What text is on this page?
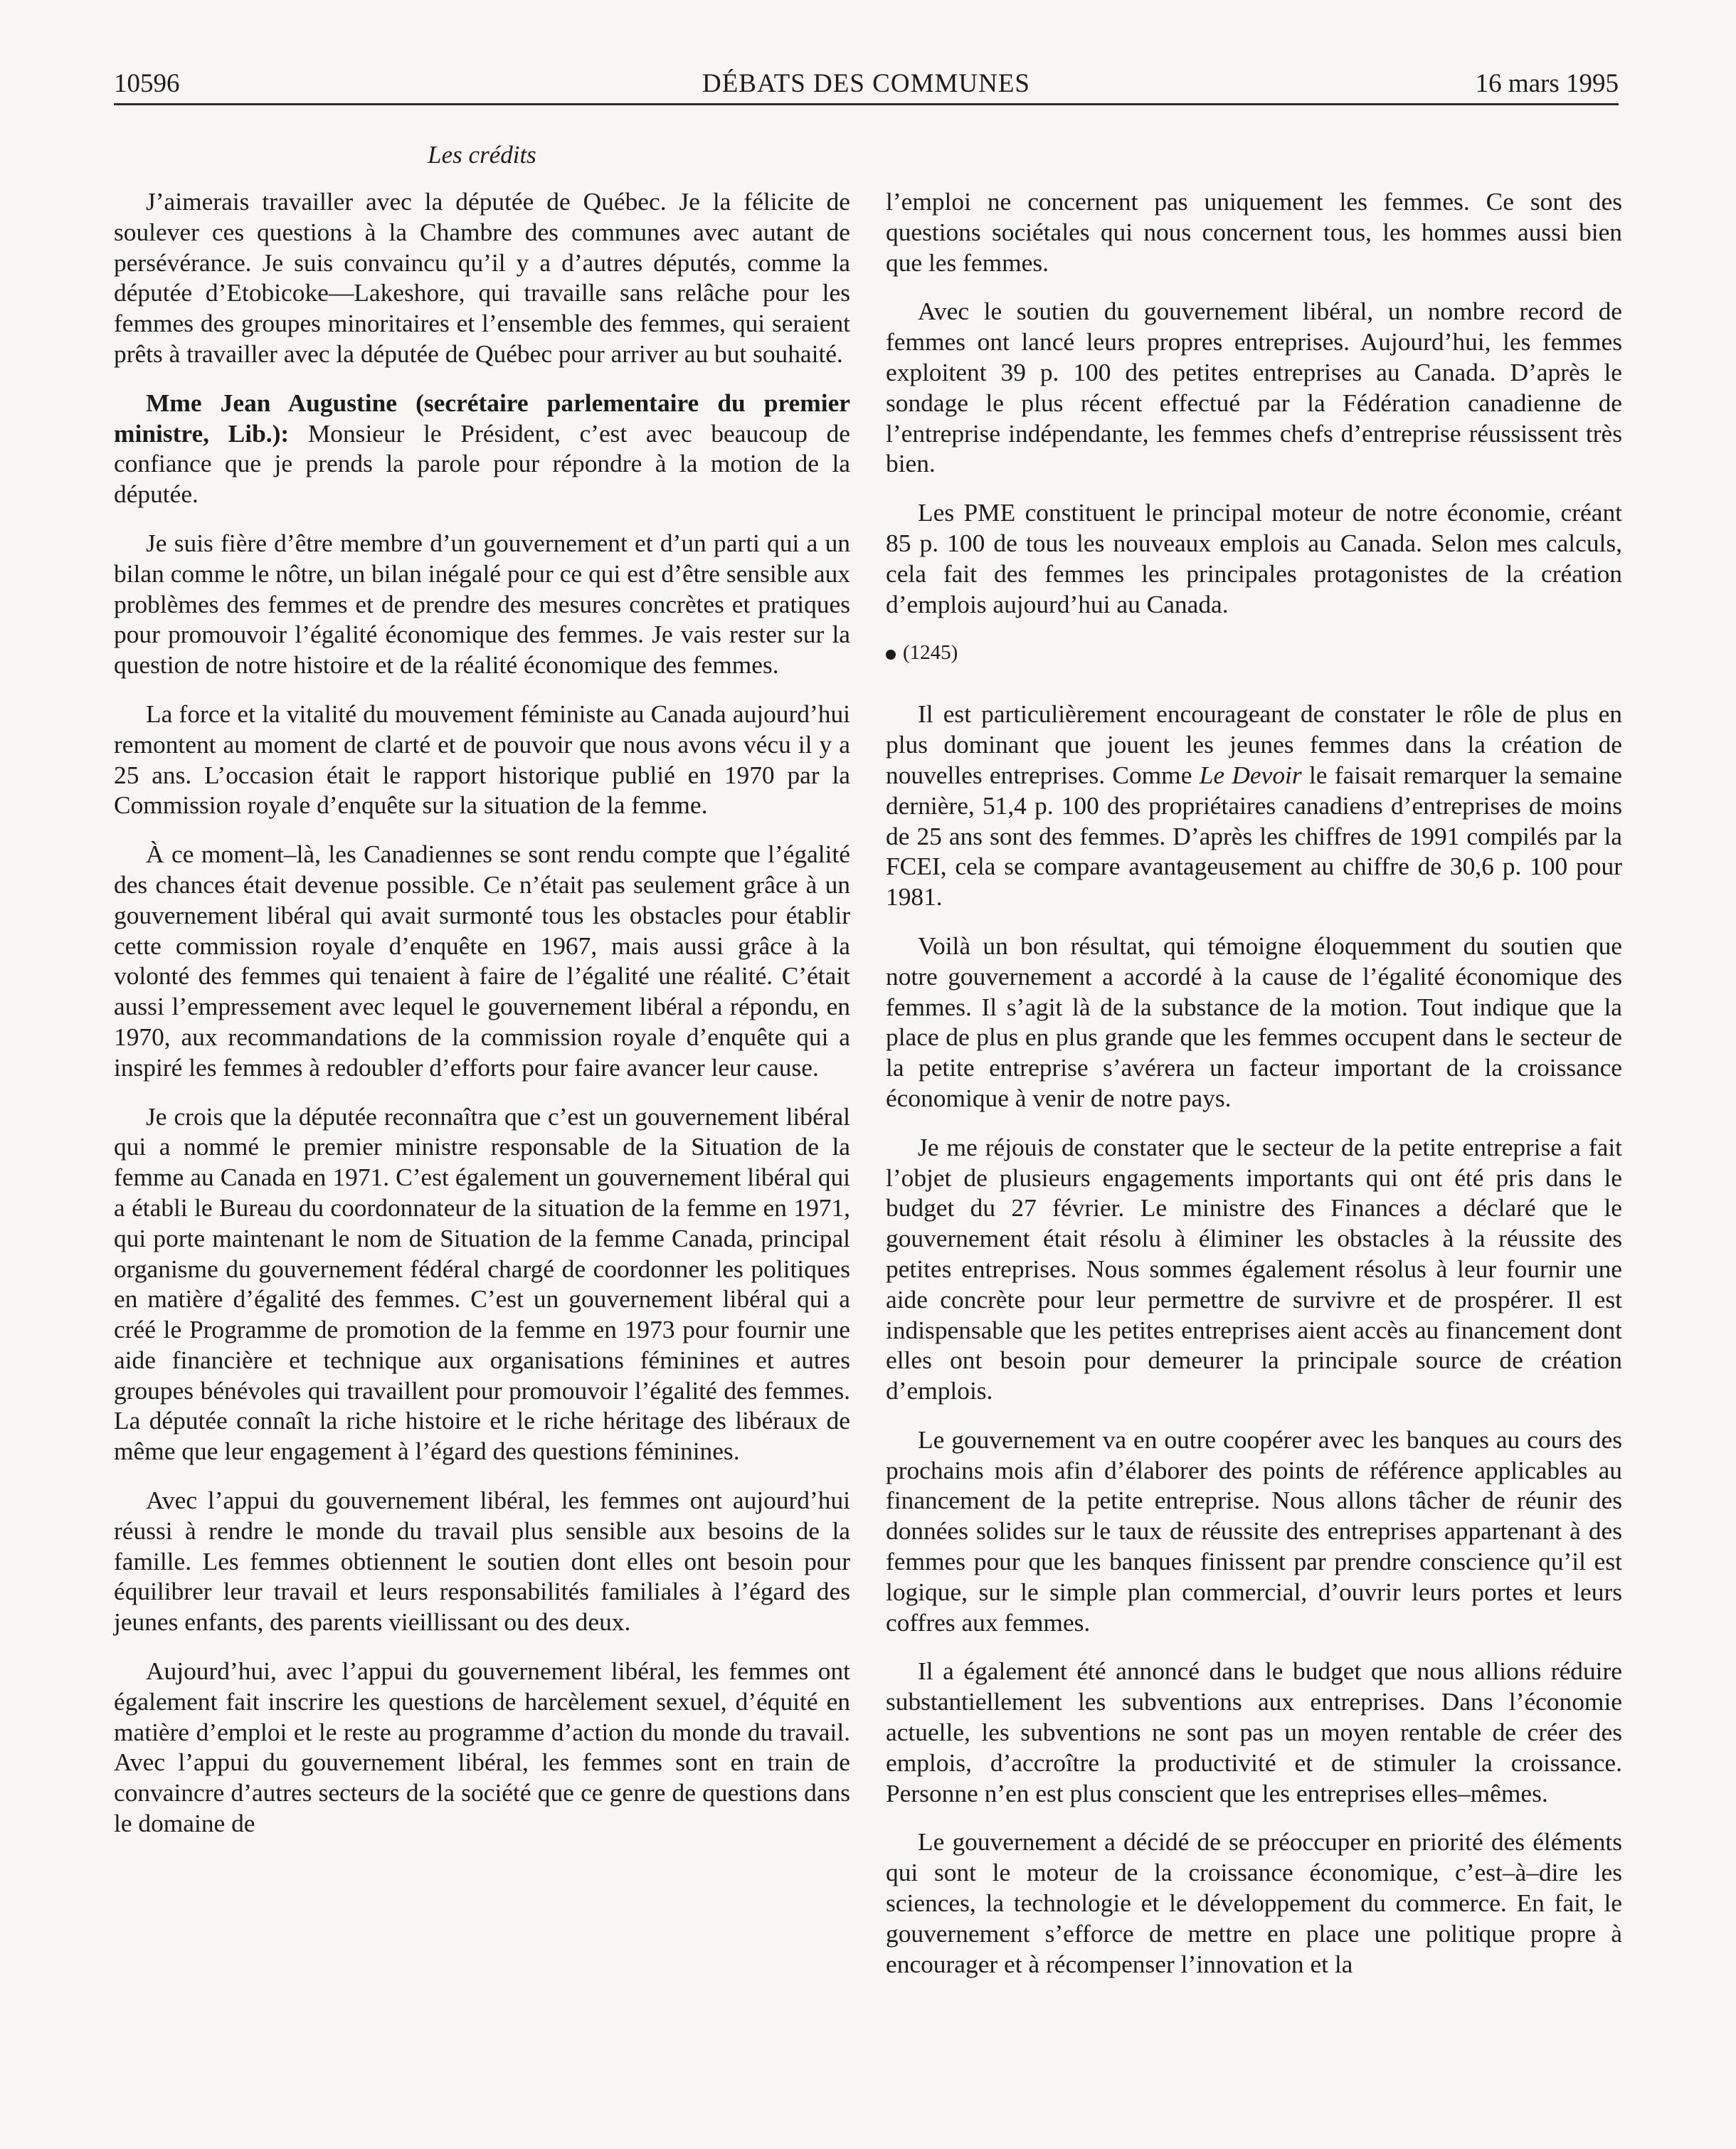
10596	DÉBATS DES COMMUNES	16 mars 1995
Les crédits

J’aimerais travailler avec la députée de Québec. Je la félicite de soulever ces questions à la Chambre des communes avec autant de persévérance. Je suis convaincu qu’il y a d’autres députés, comme la députée d’Etobicoke—Lakeshore, qui travaille sans relâche pour les femmes des groupes minoritaires et l’ensemble des femmes, qui seraient prêts à travailler avec la députée de Québec pour arriver au but souhaité.

Mme Jean Augustine (secrétaire parlementaire du premier ministre, Lib.): Monsieur le Président, c’est avec beaucoup de confiance que je prends la parole pour répondre à la motion de la députée.

Je suis fière d’être membre d’un gouvernement et d’un parti qui a un bilan comme le nôtre, un bilan inégalé pour ce qui est d’être sensible aux problèmes des femmes et de prendre des mesures concrètes et pratiques pour promouvoir l’égalité économique des femmes. Je vais rester sur la question de notre histoire et de la réalité économique des femmes.

La force et la vitalité du mouvement féministe au Canada aujourd’hui remontent au moment de clarté et de pouvoir que nous avons vécu il y a 25 ans. L’occasion était le rapport historique publié en 1970 par la Commission royale d’enquête sur la situation de la femme.

À ce moment–là, les Canadiennes se sont rendu compte que l’égalité des chances était devenue possible. Ce n’était pas seulement grâce à un gouvernement libéral qui avait surmonté tous les obstacles pour établir cette commission royale d’enquête en 1967, mais aussi grâce à la volonté des femmes qui tenaient à faire de l’égalité une réalité. C’était aussi l’empressement avec lequel le gouvernement libéral a répondu, en 1970, aux recommandations de la commission royale d’enquête qui a inspiré les femmes à redoubler d’efforts pour faire avancer leur cause.

Je crois que la députée reconnaîtra que c’est un gouvernement libéral qui a nommé le premier ministre responsable de la Situation de la femme au Canada en 1971. C’est également un gouvernement libéral qui a établi le Bureau du coordonnateur de la situation de la femme en 1971, qui porte maintenant le nom de Situation de la femme Canada, principal organisme du gouvernement fédéral chargé de coordonner les politiques en matière d’égalité des femmes. C’est un gouvernement libéral qui a créé le Programme de promotion de la femme en 1973 pour fournir une aide financière et technique aux organisations féminines et autres groupes bénévoles qui travaillent pour promouvoir l’égalité des femmes. La députée connaît la riche histoire et le riche héritage des libéraux de même que leur engagement à l’égard des questions féminines.

Avec l’appui du gouvernement libéral, les femmes ont aujourd’hui réussi à rendre le monde du travail plus sensible aux besoins de la famille. Les femmes obtiennent le soutien dont elles ont besoin pour équilibrer leur travail et leurs responsabilités familiales à l’égard des jeunes enfants, des parents vieillissant ou des deux.

Aujourd’hui, avec l’appui du gouvernement libéral, les femmes ont également fait inscrire les questions de harcèlement sexuel, d’équité en matière d’emploi et le reste au programme d’action du monde du travail. Avec l’appui du gouvernement libéral, les femmes sont en train de convaincre d’autres secteurs de la société que ce genre de questions dans le domaine de

l’emploi ne concernent pas uniquement les femmes. Ce sont des questions sociétales qui nous concernent tous, les hommes aussi bien que les femmes.

Avec le soutien du gouvernement libéral, un nombre record de femmes ont lancé leurs propres entreprises. Aujourd’hui, les femmes exploitent 39 p. 100 des petites entreprises au Canada. D’après le sondage le plus récent effectué par la Fédération canadienne de l’entreprise indépendante, les femmes chefs d’entreprise réussissent très bien.

Les PME constituent le principal moteur de notre économie, créant 85 p. 100 de tous les nouveaux emplois au Canada. Selon mes calculs, cela fait des femmes les principales protagonistes de la création d’emplois aujourd’hui au Canada.

(1245)

Il est particulièrement encourageant de constater le rôle de plus en plus dominant que jouent les jeunes femmes dans la création de nouvelles entreprises. Comme Le Devoir le faisait remarquer la semaine dernière, 51,4 p. 100 des propriétaires canadiens d’entreprises de moins de 25 ans sont des femmes. D’après les chiffres de 1991 compilés par la FCEI, cela se compare avantageusement au chiffre de 30,6 p. 100 pour 1981.

Voilà un bon résultat, qui témoigne éloquemment du soutien que notre gouvernement a accordé à la cause de l’égalité économique des femmes. Il s’agit là de la substance de la motion. Tout indique que la place de plus en plus grande que les femmes occupent dans le secteur de la petite entreprise s’avérera un facteur important de la croissance économique à venir de notre pays.

Je me réjouis de constater que le secteur de la petite entreprise a fait l’objet de plusieurs engagements importants qui ont été pris dans le budget du 27 février. Le ministre des Finances a déclaré que le gouvernement était résolu à éliminer les obstacles à la réussite des petites entreprises. Nous sommes également résolus à leur fournir une aide concrète pour leur permettre de survivre et de prospérer. Il est indispensable que les petites entreprises aient accès au financement dont elles ont besoin pour demeurer la principale source de création d’emplois.

Le gouvernement va en outre coopérer avec les banques au cours des prochains mois afin d’élaborer des points de référence applicables au financement de la petite entreprise. Nous allons tâcher de réunir des données solides sur le taux de réussite des entreprises appartenant à des femmes pour que les banques finissent par prendre conscience qu’il est logique, sur le simple plan commercial, d’ouvrir leurs portes et leurs coffres aux femmes.

Il a également été annoncé dans le budget que nous allions réduire substantiellement les subventions aux entreprises. Dans l’économie actuelle, les subventions ne sont pas un moyen rentable de créer des emplois, d’accroître la productivité et de stimuler la croissance. Personne n’en est plus conscient que les entreprises elles–mêmes.

Le gouvernement a décidé de se préoccuper en priorité des éléments qui sont le moteur de la croissance économique, c’est–à–dire les sciences, la technologie et le développement du commerce. En fait, le gouvernement s’efforce de mettre en place une politique propre à encourager et à récompenser l’innovation et la
